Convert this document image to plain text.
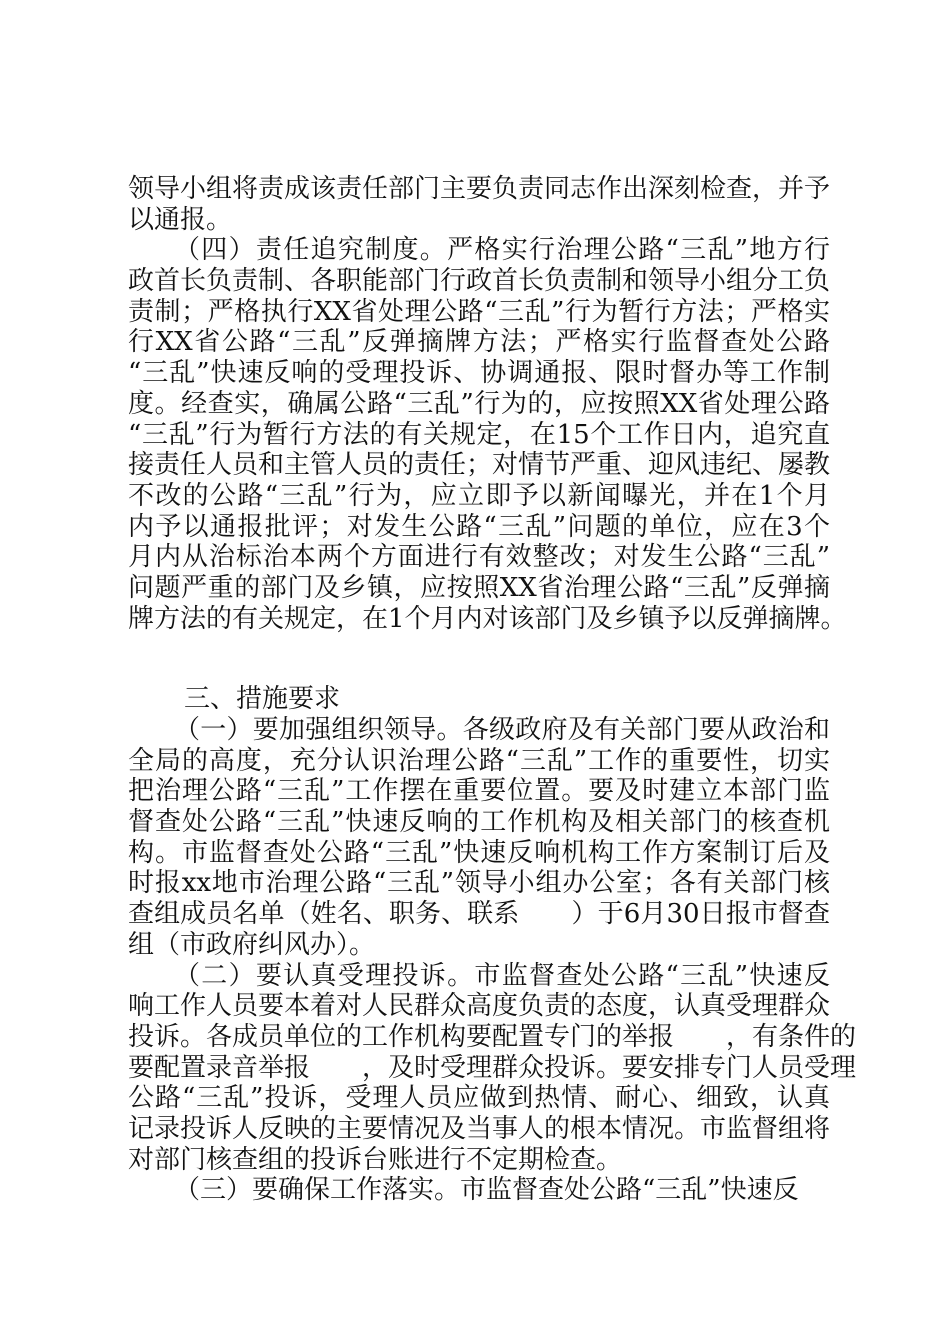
领导小组将责成该责任部门主要负责同志作出深刻检查，并予
以通报。
（四）责任追究制度。严格实行治理公路“三乱”地方行
政首长负责制、各职能部门行政首长负责制和领导小组分工负
责制；严格执行XX省处理公路“三乱”行为暂行方法；严格实
行XX省公路“三乱”反弹摘牌方法；严格实行监督查处公路
“三乱”快速反响的受理投诉、协调通报、限时督办等工作制
度。经查实，确属公路“三乱”行为的，应按照XX省处理公路
“三乱”行为暂行方法的有关规定，在15个工作日内，追究直
接责任人员和主管人员的责任；对情节严重、迎风违纪、屡教
不改的公路“三乱”行为，应立即予以新闻曝光，并在1个月
内予以通报批评；对发生公路“三乱”问题的单位，应在3个
月内从治标治本两个方面进行有效整改；对发生公路“三乱”
问题严重的部门及乡镇，应按照XX省治理公路“三乱”反弹摘
牌方法的有关规定，在1个月内对该部门及乡镇予以反弹摘牌。
三、措施要求
（一）要加强组织领导。各级政府及有关部门要从政治和
全局的高度，充分认识治理公路“三乱”工作的重要性，切实
把治理公路“三乱”工作摆在重要位置。要及时建立本部门监
督查处公路“三乱”快速反响的工作机构及相关部门的核查机
构。市监督查处公路“三乱”快速反响机构工作方案制订后及
时报xx地市治理公路“三乱”领导小组办公室；各有关部门核
查组成员名单（姓名、职务、联系　　）于6月30日报市督查
组（市政府纠风办）。
（二）要认真受理投诉。市监督查处公路“三乱”快速反
响工作人员要本着对人民群众高度负责的态度，认真受理群众
投诉。各成员单位的工作机构要配置专门的举报　　，有条件的
要配置录音举报　　，及时受理群众投诉。要安排专门人员受理
公路“三乱”投诉，受理人员应做到热情、耐心、细致，认真
记录投诉人反映的主要情况及当事人的根本情况。市监督组将
对部门核查组的投诉台账进行不定期检查。
（三）要确保工作落实。市监督查处公路“三乱”快速反
